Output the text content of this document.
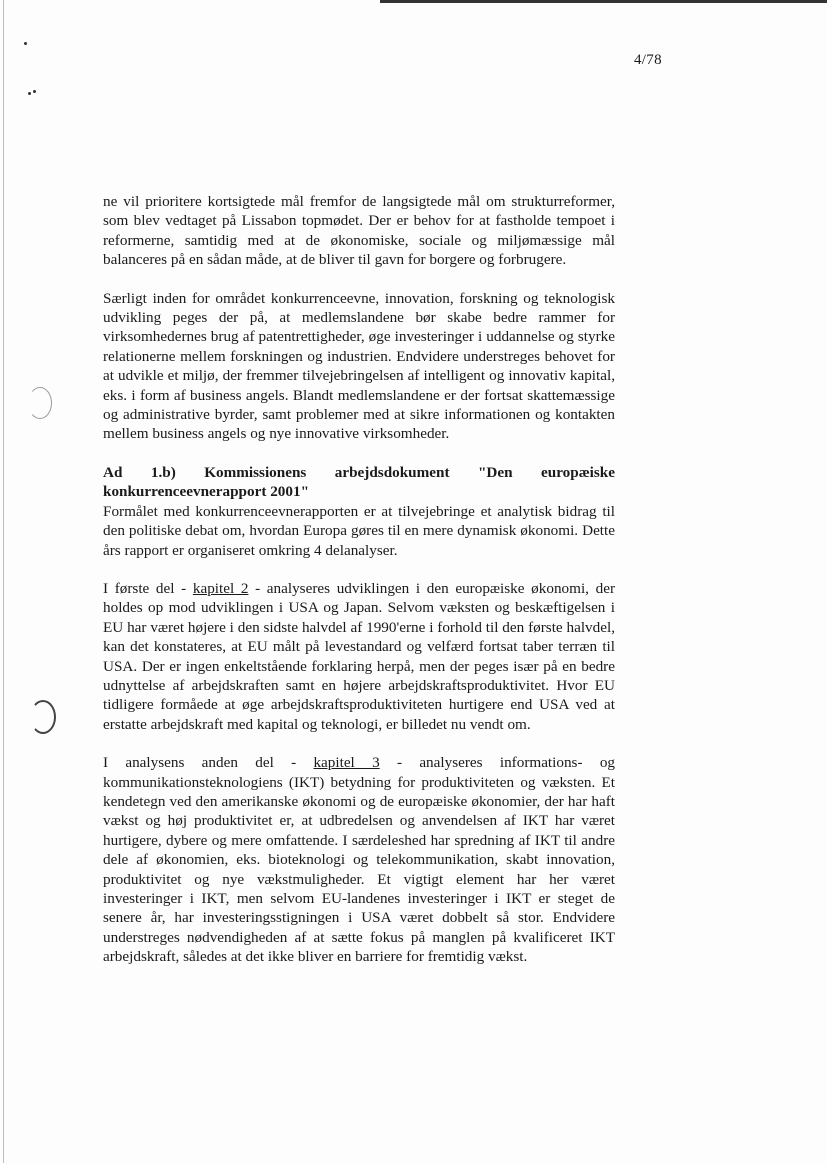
4/78

ne vil prioritere kortsigtede mål fremfor de langsigtede mål om strukturreformer, som blev vedtaget på Lissabon topmødet. Der er behov for at fastholde tempoet i reformerne, samtidig med at de økonomiske, sociale og miljømæssige mål balanceres på en sådan måde, at de bliver til gavn for borgere og forbrugere.

Særligt inden for området konkurrenceevne, innovation, forskning og teknologisk udvikling peges der på, at medlemslandene bør skabe bedre rammer for virksomhedernes brug af patentrettigheder, øge investeringer i uddannelse og styrke relationerne mellem forskningen og industrien. Endvidere understreges behovet for at udvikle et miljø, der fremmer tilvejebringelsen af intelligent og innovativ kapital, eks. i form af business angels. Blandt medlemslandene er der fortsat skattemæssige og administrative byrder, samt problemer med at sikre informationen og kontakten mellem business angels og nye innovative virksomheder.

Ad 1.b) Kommissionens arbejdsdokument "Den europæiske konkurrenceevnerapport 2001"

Formålet med konkurrenceevnerapporten er at tilvejebringe et analytisk bidrag til den politiske debat om, hvordan Europa gøres til en mere dynamisk økonomi. Dette års rapport er organiseret omkring 4 delanalyser.

I første del - kapitel 2 - analyseres udviklingen i den europæiske økonomi, der holdes op mod udviklingen i USA og Japan. Selvom væksten og beskæftigelsen i EU har været højere i den sidste halvdel af 1990'erne i forhold til den første halvdel, kan det konstateres, at EU målt på levestandard og velfærd fortsat taber terræn til USA. Der er ingen enkeltstående forklaring herpå, men der peges især på en bedre udnyttelse af arbejdskraften samt en højere arbejdskraftsproduktivitet. Hvor EU tidligere formåede at øge arbejdskraftsproduktiviteten hurtigere end USA ved at erstatte arbejdskraft med kapital og teknologi, er billedet nu vendt om.

I analysens anden del - kapitel 3 - analyseres informations- og kommunikationsteknologiens (IKT) betydning for produktiviteten og væksten. Et kendetegn ved den amerikanske økonomi og de europæiske økonomier, der har haft vækst og høj produktivitet er, at udbredelsen og anvendelsen af IKT har været hurtigere, dybere og mere omfattende. I særdeleshed har spredning af IKT til andre dele af økonomien, eks. bioteknologi og telekommunikation, skabt innovation, produktivitet og nye vækstmuligheder. Et vigtigt element har her været investeringer i IKT, men selvom EU-landenes investeringer i IKT er steget de senere år, har investeringsstigningen i USA været dobbelt så stor. Endvidere understreges nødvendigheden af at sætte fokus på manglen på kvalificeret IKT arbejdskraft, således at det ikke bliver en barriere for fremtidig vækst.
